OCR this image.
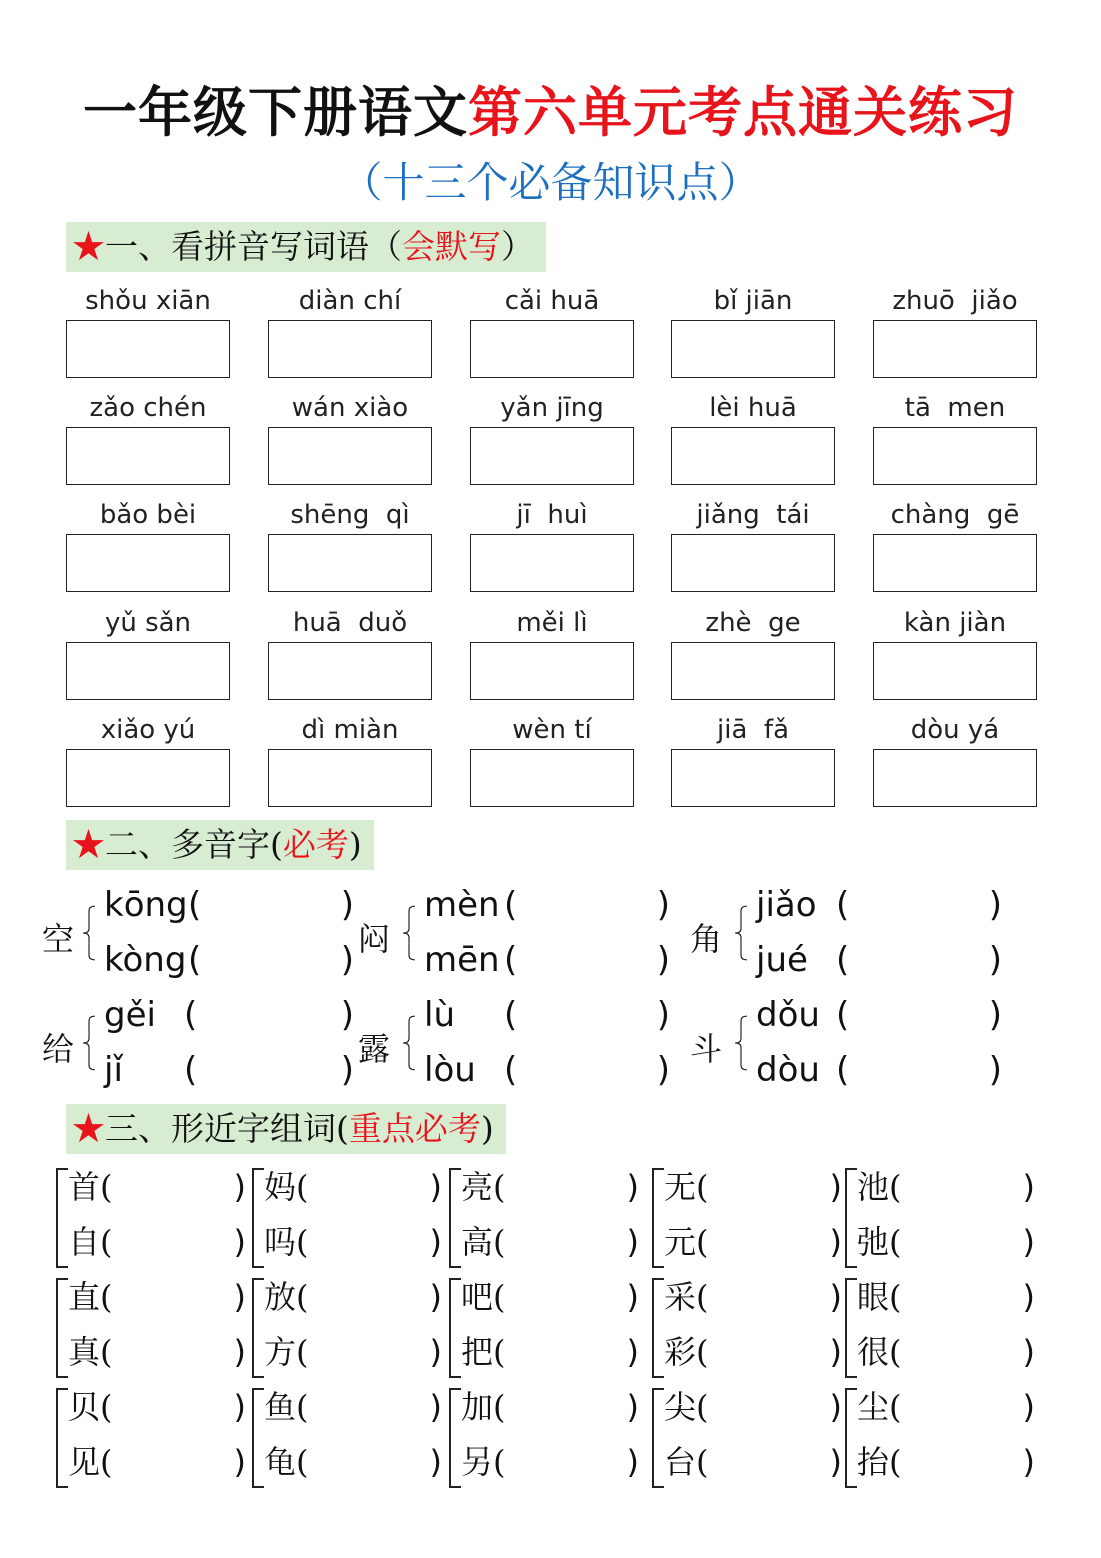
一年级下册语文第六单元考点通关练习
（十三个必备知识点）
★一、看拼音写词语（会默写）
shǒu xiān	diàn chí	cǎi huā	bǐ jiān	zhuō  jiǎo
zǎo chén	wán xiào	yǎn jīng	lèi huā	tā  men
bǎo bèi	shēng  qì	jī  huì	jiǎng  tái	chàng  gē
yǔ sǎn	huā  duǒ	měi lì	zhè  ge	kàn jiàn
xiǎo yú	dì miàn	wèn tí	jiā  fǎ	dòu yá
★二、多音字(必考)
空
kōng (	)
kòng (	)
闷
mèn (	)
mēn (	)
角
jiǎo (	)
jué (	)
给
gěi (	)
jǐ (	)
露
lù (	)
lòu (	)
斗
dǒu (	)
dòu (	)
★三、形近字组词(重点必考)
首(	)
自(	)
妈(	)
吗(	)
亮(	)
高(	)
无(	)
元(	)
池(	)
弛(	)
直(	)
真(	)
放(	)
方(	)
吧(	)
把(	)
采(	)
彩(	)
眼(	)
很(	)
贝(	)
见(	)
鱼(	)
龟(	)
加(	)
另(	)
尖(	)
台(	)
尘(	)
抬(	)
